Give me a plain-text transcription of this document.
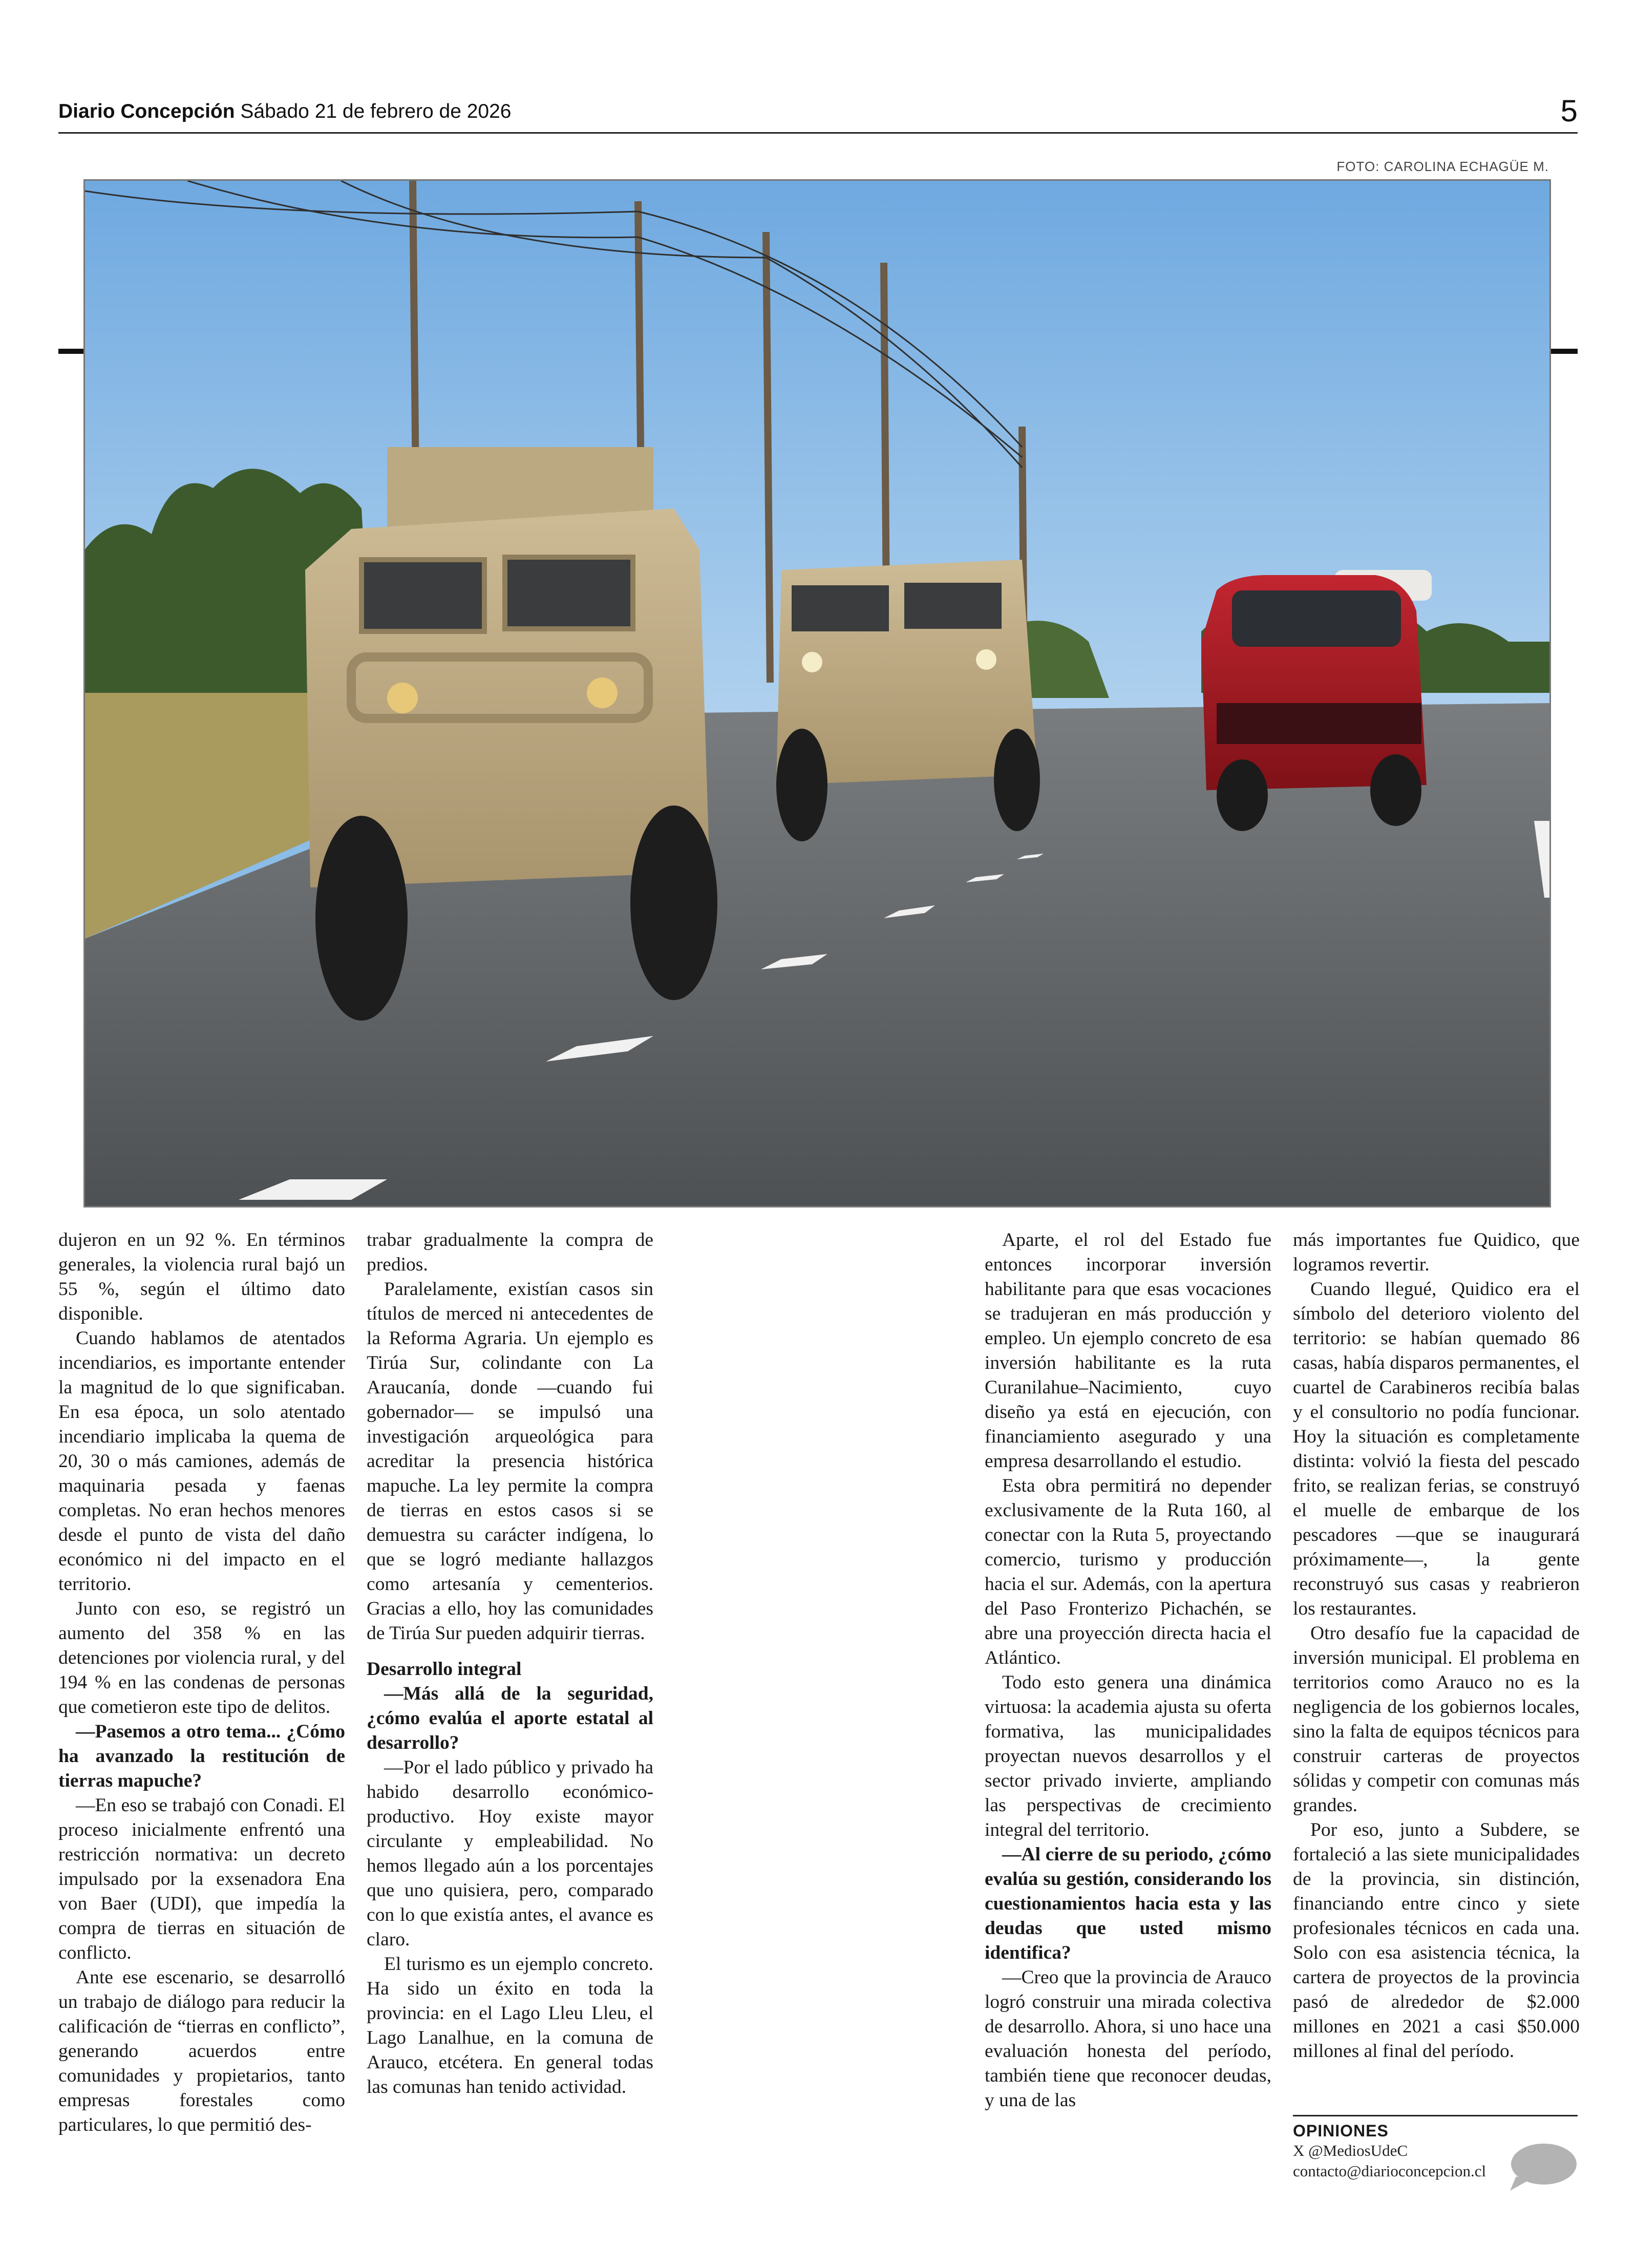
Diario Concepción Sábado 21 de febrero de 2026	5
FOTO: CAROLINA ECHAGÜE M.

dujeron en un 92 %. En términos generales, la violencia rural bajó un 55 %, según el último dato disponible.

Cuando hablamos de atentados incendiarios, es importante entender la magnitud de lo que significaban. En esa época, un solo atentado incendiario implicaba la quema de 20, 30 o más camiones, además de maquinaria pesada y faenas completas. No eran hechos menores desde el punto de vista del daño económico ni del impacto en el territorio.

Junto con eso, se registró un aumento del 358 % en las detenciones por violencia rural, y del 194 % en las condenas de personas que cometieron este tipo de delitos.

—Pasemos a otro tema... ¿Cómo ha avanzado la restitución de tierras mapuche?

—En eso se trabajó con Conadi. El proceso inicialmente enfrentó una restricción normativa: un decreto impulsado por la exsenadora Ena von Baer (UDI), que impedía la compra de tierras en situación de conflicto.

Ante ese escenario, se desarrolló un trabajo de diálogo para reducir la calificación de “tierras en conflicto”, generando acuerdos entre comunidades y propietarios, tanto empresas forestales como particulares, lo que permitió des-

trabar gradualmente la compra de predios.

Paralelamente, existían casos sin títulos de merced ni antecedentes de la Reforma Agraria. Un ejemplo es Tirúa Sur, colindante con La Araucanía, donde —cuando fui gobernador— se impulsó una investigación arqueológica para acreditar la presencia histórica mapuche. La ley permite la compra de tierras en estos casos si se demuestra su carácter indígena, lo que se logró mediante hallazgos como artesanía y cementerios. Gracias a ello, hoy las comunidades de Tirúa Sur pueden adquirir tierras.

Desarrollo integral

—Más allá de la seguridad, ¿cómo evalúa el aporte estatal al desarrollo?

—Por el lado público y privado ha habido desarrollo económico-productivo. Hoy existe mayor circulante y empleabilidad. No hemos llegado aún a los porcentajes que uno quisiera, pero, comparado con lo que existía antes, el avance es claro.

El turismo es un ejemplo concreto. Ha sido un éxito en toda la provincia: en el Lago Lleu Lleu, el Lago Lanalhue, en la comuna de Arauco, etcétera. En general todas las comunas han tenido actividad.

Aparte, el rol del Estado fue entonces incorporar inversión habilitante para que esas vocaciones se tradujeran en más producción y empleo. Un ejemplo concreto de esa inversión habilitante es la ruta Curanilahue–Nacimiento, cuyo diseño ya está en ejecución, con financiamiento asegurado y una empresa desarrollando el estudio.

Esta obra permitirá no depender exclusivamente de la Ruta 160, al conectar con la Ruta 5, proyectando comercio, turismo y producción hacia el sur. Además, con la apertura del Paso Fronterizo Pichachén, se abre una proyección directa hacia el Atlántico.

Todo esto genera una dinámica virtuosa: la academia ajusta su oferta formativa, las municipalidades proyectan nuevos desarrollos y el sector privado invierte, ampliando las perspectivas de crecimiento integral del territorio.

—Al cierre de su periodo, ¿cómo evalúa su gestión, considerando los cuestionamientos hacia esta y las deudas que usted mismo identifica?

—Creo que la provincia de Arauco logró construir una mirada colectiva de desarrollo. Ahora, si uno hace una evaluación honesta del período, también tiene que reconocer deudas, y una de las

más importantes fue Quidico, que logramos revertir.

Cuando llegué, Quidico era el símbolo del deterioro violento del territorio: se habían quemado 86 casas, había disparos permanentes, el cuartel de Carabineros recibía balas y el consultorio no podía funcionar. Hoy la situación es completamente distinta: volvió la fiesta del pescado frito, se realizan ferias, se construyó el muelle de embarque de los pescadores —que se inaugurará próximamente—, la gente reconstruyó sus casas y reabrieron los restaurantes.

Otro desafío fue la capacidad de inversión municipal. El problema en territorios como Arauco no es la negligencia de los gobiernos locales, sino la falta de equipos técnicos para construir carteras de proyectos sólidas y competir con comunas más grandes.

Por eso, junto a Subdere, se fortaleció a las siete municipalidades de la provincia, sin distinción, financiando entre cinco y siete profesionales técnicos en cada una. Solo con esa asistencia técnica, la cartera de proyectos de la provincia pasó de alrededor de $2.000 millones en 2021 a casi $50.000 millones al final del período.

OPINIONES
X @MediosUdeC
contacto@diarioconcepcion.cl
